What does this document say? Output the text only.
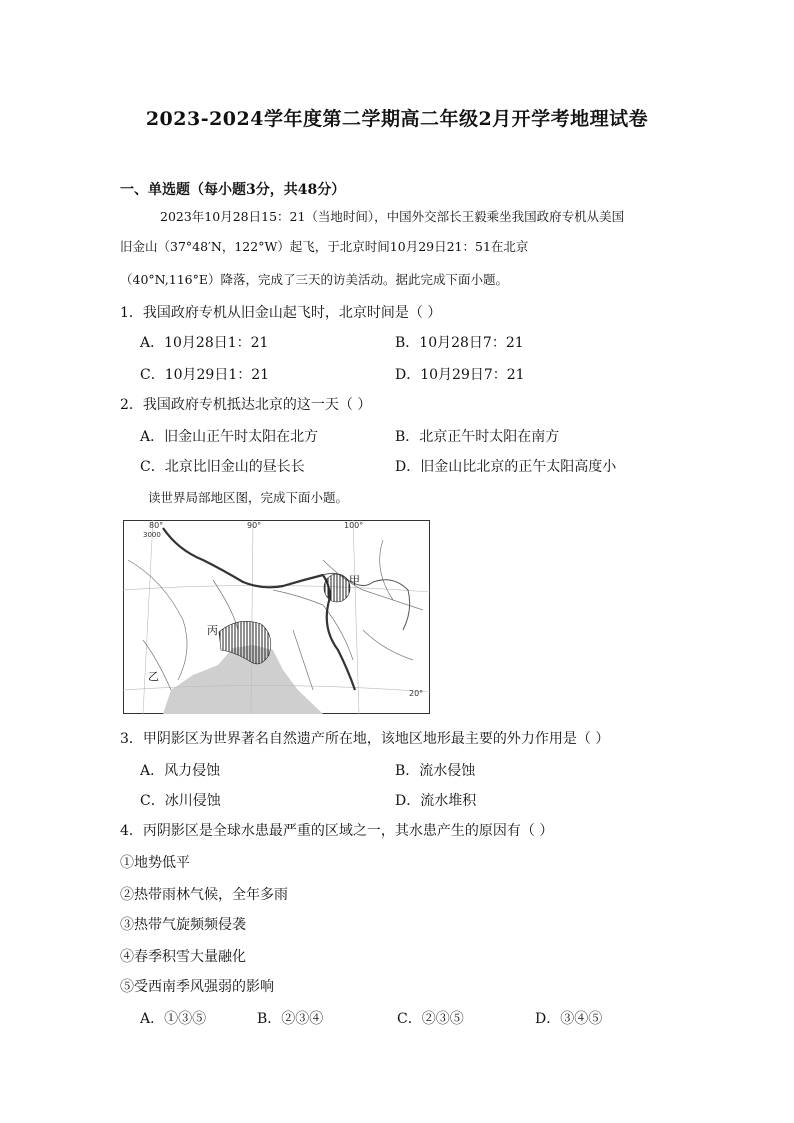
2023-2024学年度第二学期高二年级2月开学考地理试卷
一、单选题（每小题3分，共48分）
2023年10月28日15：21（当地时间），中国外交部长王毅乘坐我国政府专机从美国
旧金山（37°48′N，122°W）起飞，于北京时间10月29日21：51在北京
（40°N,116°E）降落，完成了三天的访美活动。据此完成下面小题。
1．我国政府专机从旧金山起飞时，北京时间是（ ）
A．10月28日1：21	B．10月28日7：21
C．10月29日1：21	D．10月29日7：21
2．我国政府专机抵达北京的这一天（ ）
A．旧金山正午时太阳在北方	B．北京正午时太阳在南方
C．北京比旧金山的昼长长	D．旧金山比北京的正午太阳高度小
读世界局部地区图，完成下面小题。
80°	90°	100°
3000
20°
甲
丙
乙
3．甲阴影区为世界著名自然遗产所在地，该地区地形最主要的外力作用是（ ）
A．风力侵蚀	B．流水侵蚀
C．冰川侵蚀	D．流水堆积
4．丙阴影区是全球水患最严重的区域之一，其水患产生的原因有（ ）
①地势低平
②热带雨林气候，全年多雨
③热带气旋频频侵袭
④春季积雪大量融化
⑤受西南季风强弱的影响
A．①③⑤	B．②③④	C．②③⑤	D．③④⑤
